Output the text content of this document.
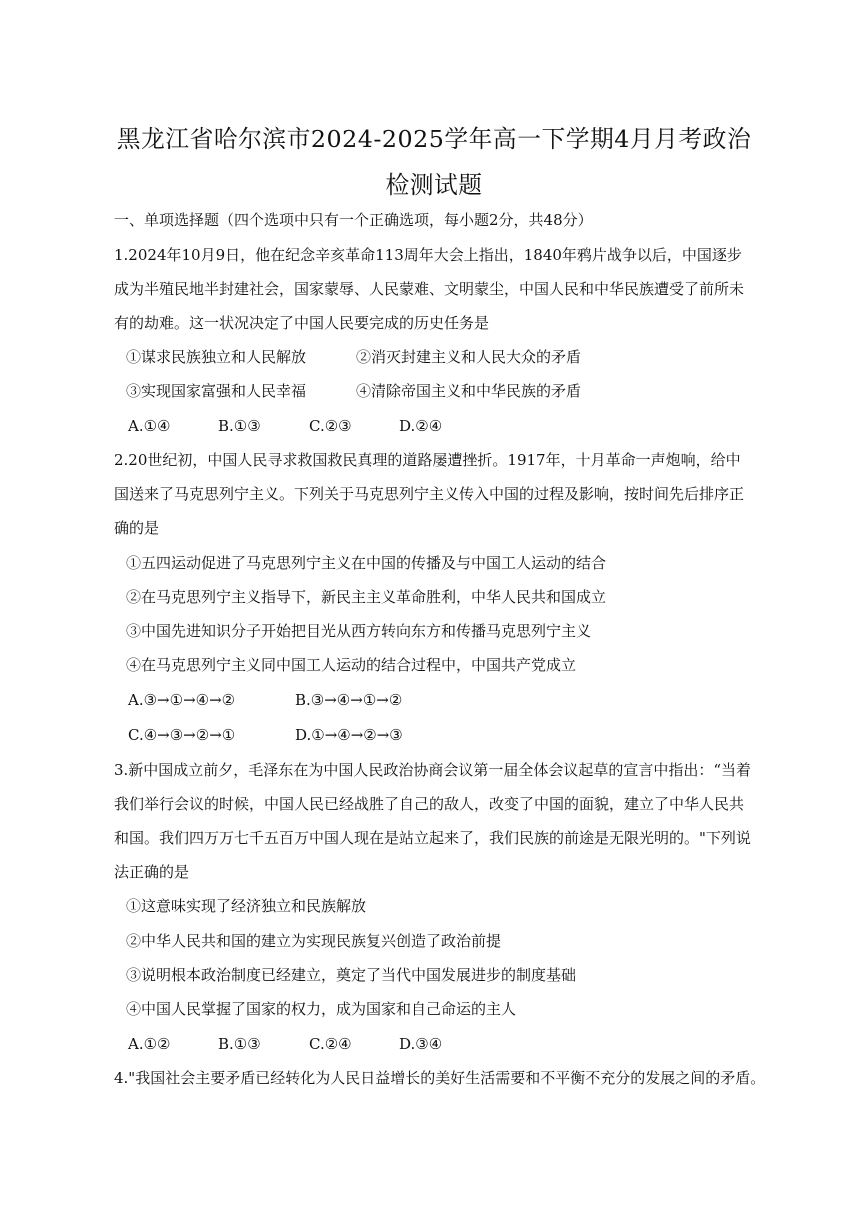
黑龙江省哈尔滨市2024-2025学年高一下学期4月月考政治
检测试题
一、单项选择题（四个选项中只有一个正确选项，每小题2分，共48分）
1.2024年10月9日，他在纪念辛亥革命113周年大会上指出，1840年鸦片战争以后，中国逐步
成为半殖民地半封建社会，国家蒙辱、人民蒙难、文明蒙尘，中国人民和中华民族遭受了前所未
有的劫难。这一状况决定了中国人民要完成的历史任务是
①谋求民族独立和人民解放	②消灭封建主义和人民大众的矛盾
③实现国家富强和人民幸福	④清除帝国主义和中华民族的矛盾
A.①④	B.①③	C.②③	D.②④
2.20世纪初，中国人民寻求救国救民真理的道路屡遭挫折。1917年，十月革命一声炮响，给中
国送来了马克思列宁主义。下列关于马克思列宁主义传入中国的过程及影响，按时间先后排序正
确的是
①五四运动促进了马克思列宁主义在中国的传播及与中国工人运动的结合
②在马克思列宁主义指导下，新民主主义革命胜利，中华人民共和国成立
③中国先进知识分子开始把目光从西方转向东方和传播马克思列宁主义
④在马克思列宁主义同中国工人运动的结合过程中，中国共产党成立
A.③→①→④→②	B.③→④→①→②
C.④→③→②→①	D.①→④→②→③
3.新中国成立前夕，毛泽东在为中国人民政治协商会议第一届全体会议起草的宣言中指出：“当着
我们举行会议的时候，中国人民已经战胜了自己的敌人，改变了中国的面貌，建立了中华人民共
和国。我们四万万七千五百万中国人现在是站立起来了，我们民族的前途是无限光明的。"下列说
法正确的是
①这意味实现了经济独立和民族解放
②中华人民共和国的建立为实现民族复兴创造了政治前提
③说明根本政治制度已经建立，奠定了当代中国发展进步的制度基础
④中国人民掌握了国家的权力，成为国家和自己命运的主人
A.①②	B.①③	C.②④	D.③④
4."我国社会主要矛盾已经转化为人民日益增长的美好生活需要和不平衡不充分的发展之间的矛盾。
